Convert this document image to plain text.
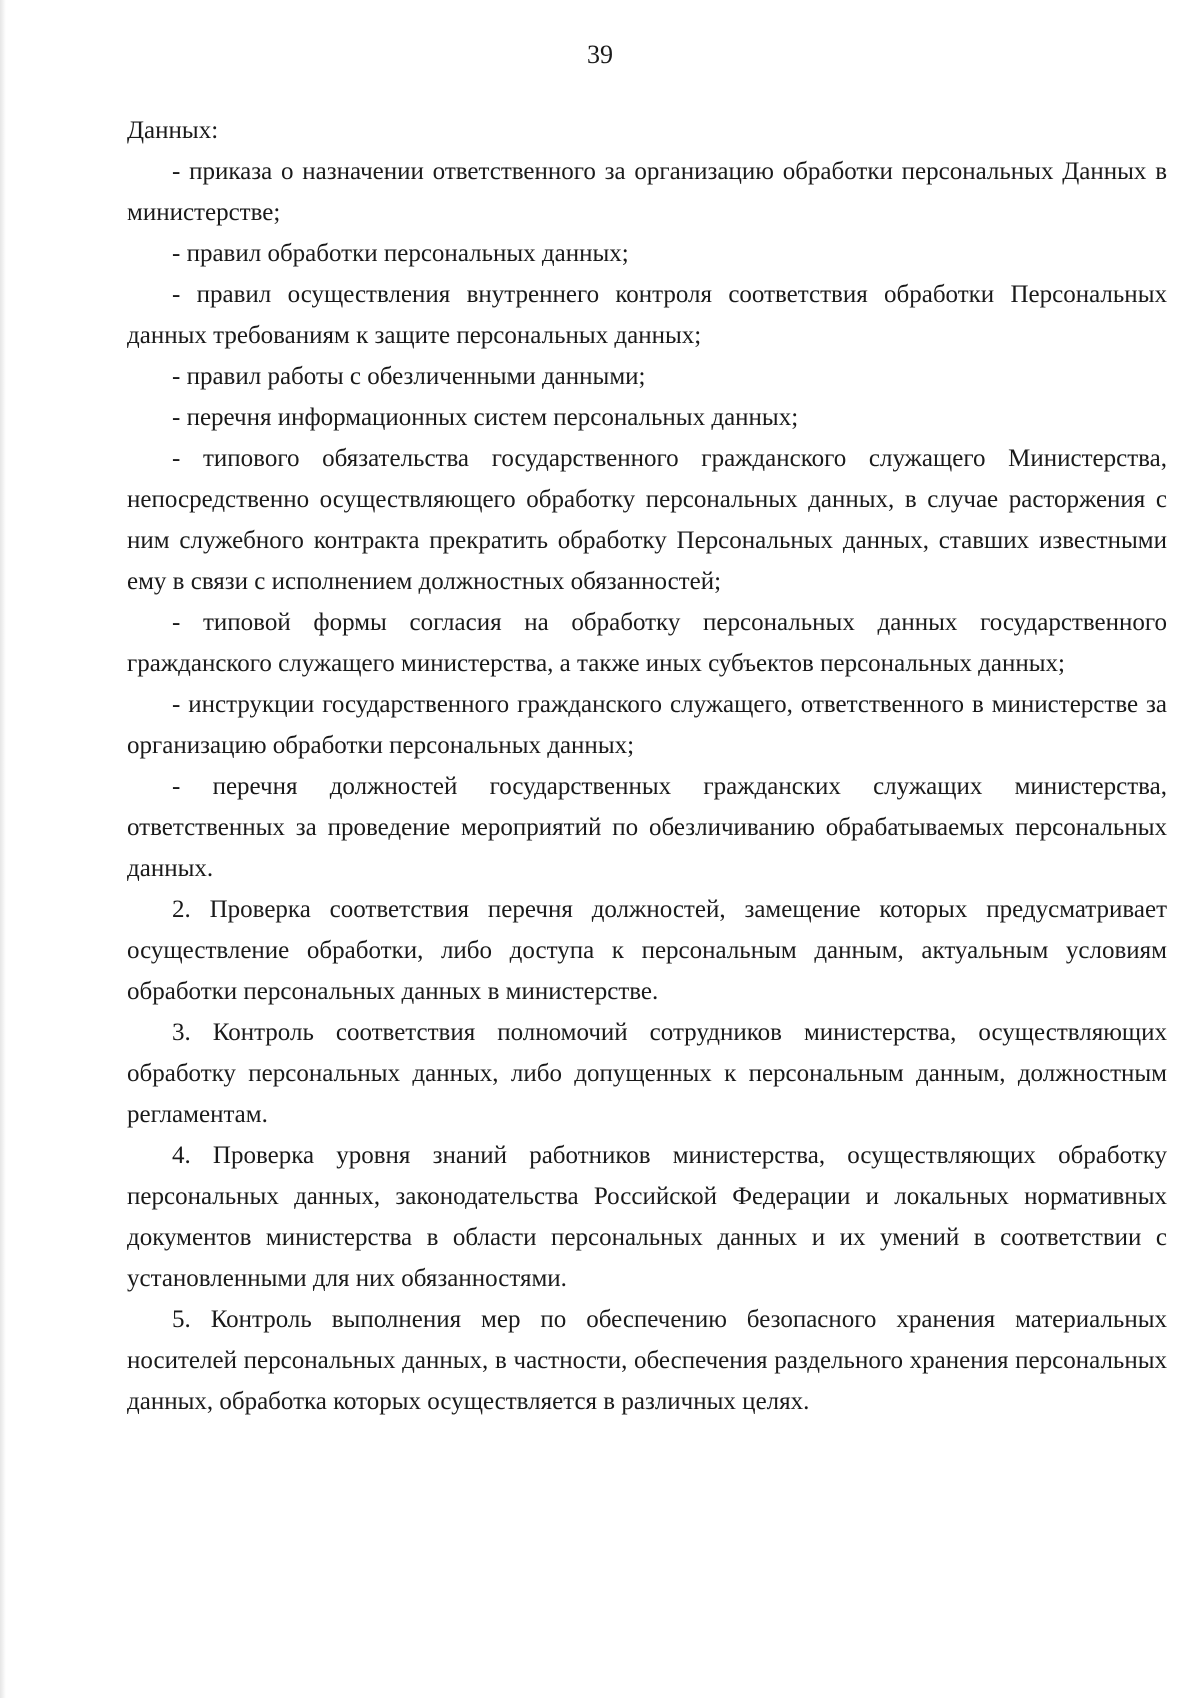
39

Данных:

- приказа о назначении ответственного за организацию обработки персональных Данных в министерстве;

- правил обработки персональных данных;

- правил осуществления внутреннего контроля соответствия обработки Персональных данных требованиям к защите персональных данных;

- правил работы с обезличенными данными;

- перечня информационных систем персональных данных;

- типового обязательства государственного гражданского служащего Министерства, непосредственно осуществляющего обработку персональных данных, в случае расторжения с ним служебного контракта прекратить обработку Персональных данных, ставших известными ему в связи с исполнением должностных обязанностей;

- типовой формы согласия на обработку персональных данных государственного гражданского служащего министерства, а также иных субъектов персональных данных;

- инструкции государственного гражданского служащего, ответственного в министерстве за организацию обработки персональных данных;

- перечня должностей государственных гражданских служащих министерства, ответственных за проведение мероприятий по обезличиванию обрабатываемых персональных данных.

2. Проверка соответствия перечня должностей, замещение которых предусматривает осуществление обработки, либо доступа к персональным данным, актуальным условиям обработки персональных данных в министерстве.

3. Контроль соответствия полномочий сотрудников министерства, осуществляющих обработку персональных данных, либо допущенных к персональным данным, должностным регламентам.

4. Проверка уровня знаний работников министерства, осуществляющих обработку персональных данных, законодательства Российской Федерации и локальных нормативных документов министерства в области персональных данных и их умений в соответствии с установленными для них обязанностями.

5. Контроль выполнения мер по обеспечению безопасного хранения материальных носителей персональных данных, в частности, обеспечения раздельного хранения персональных данных, обработка которых осуществляется в различных целях.
